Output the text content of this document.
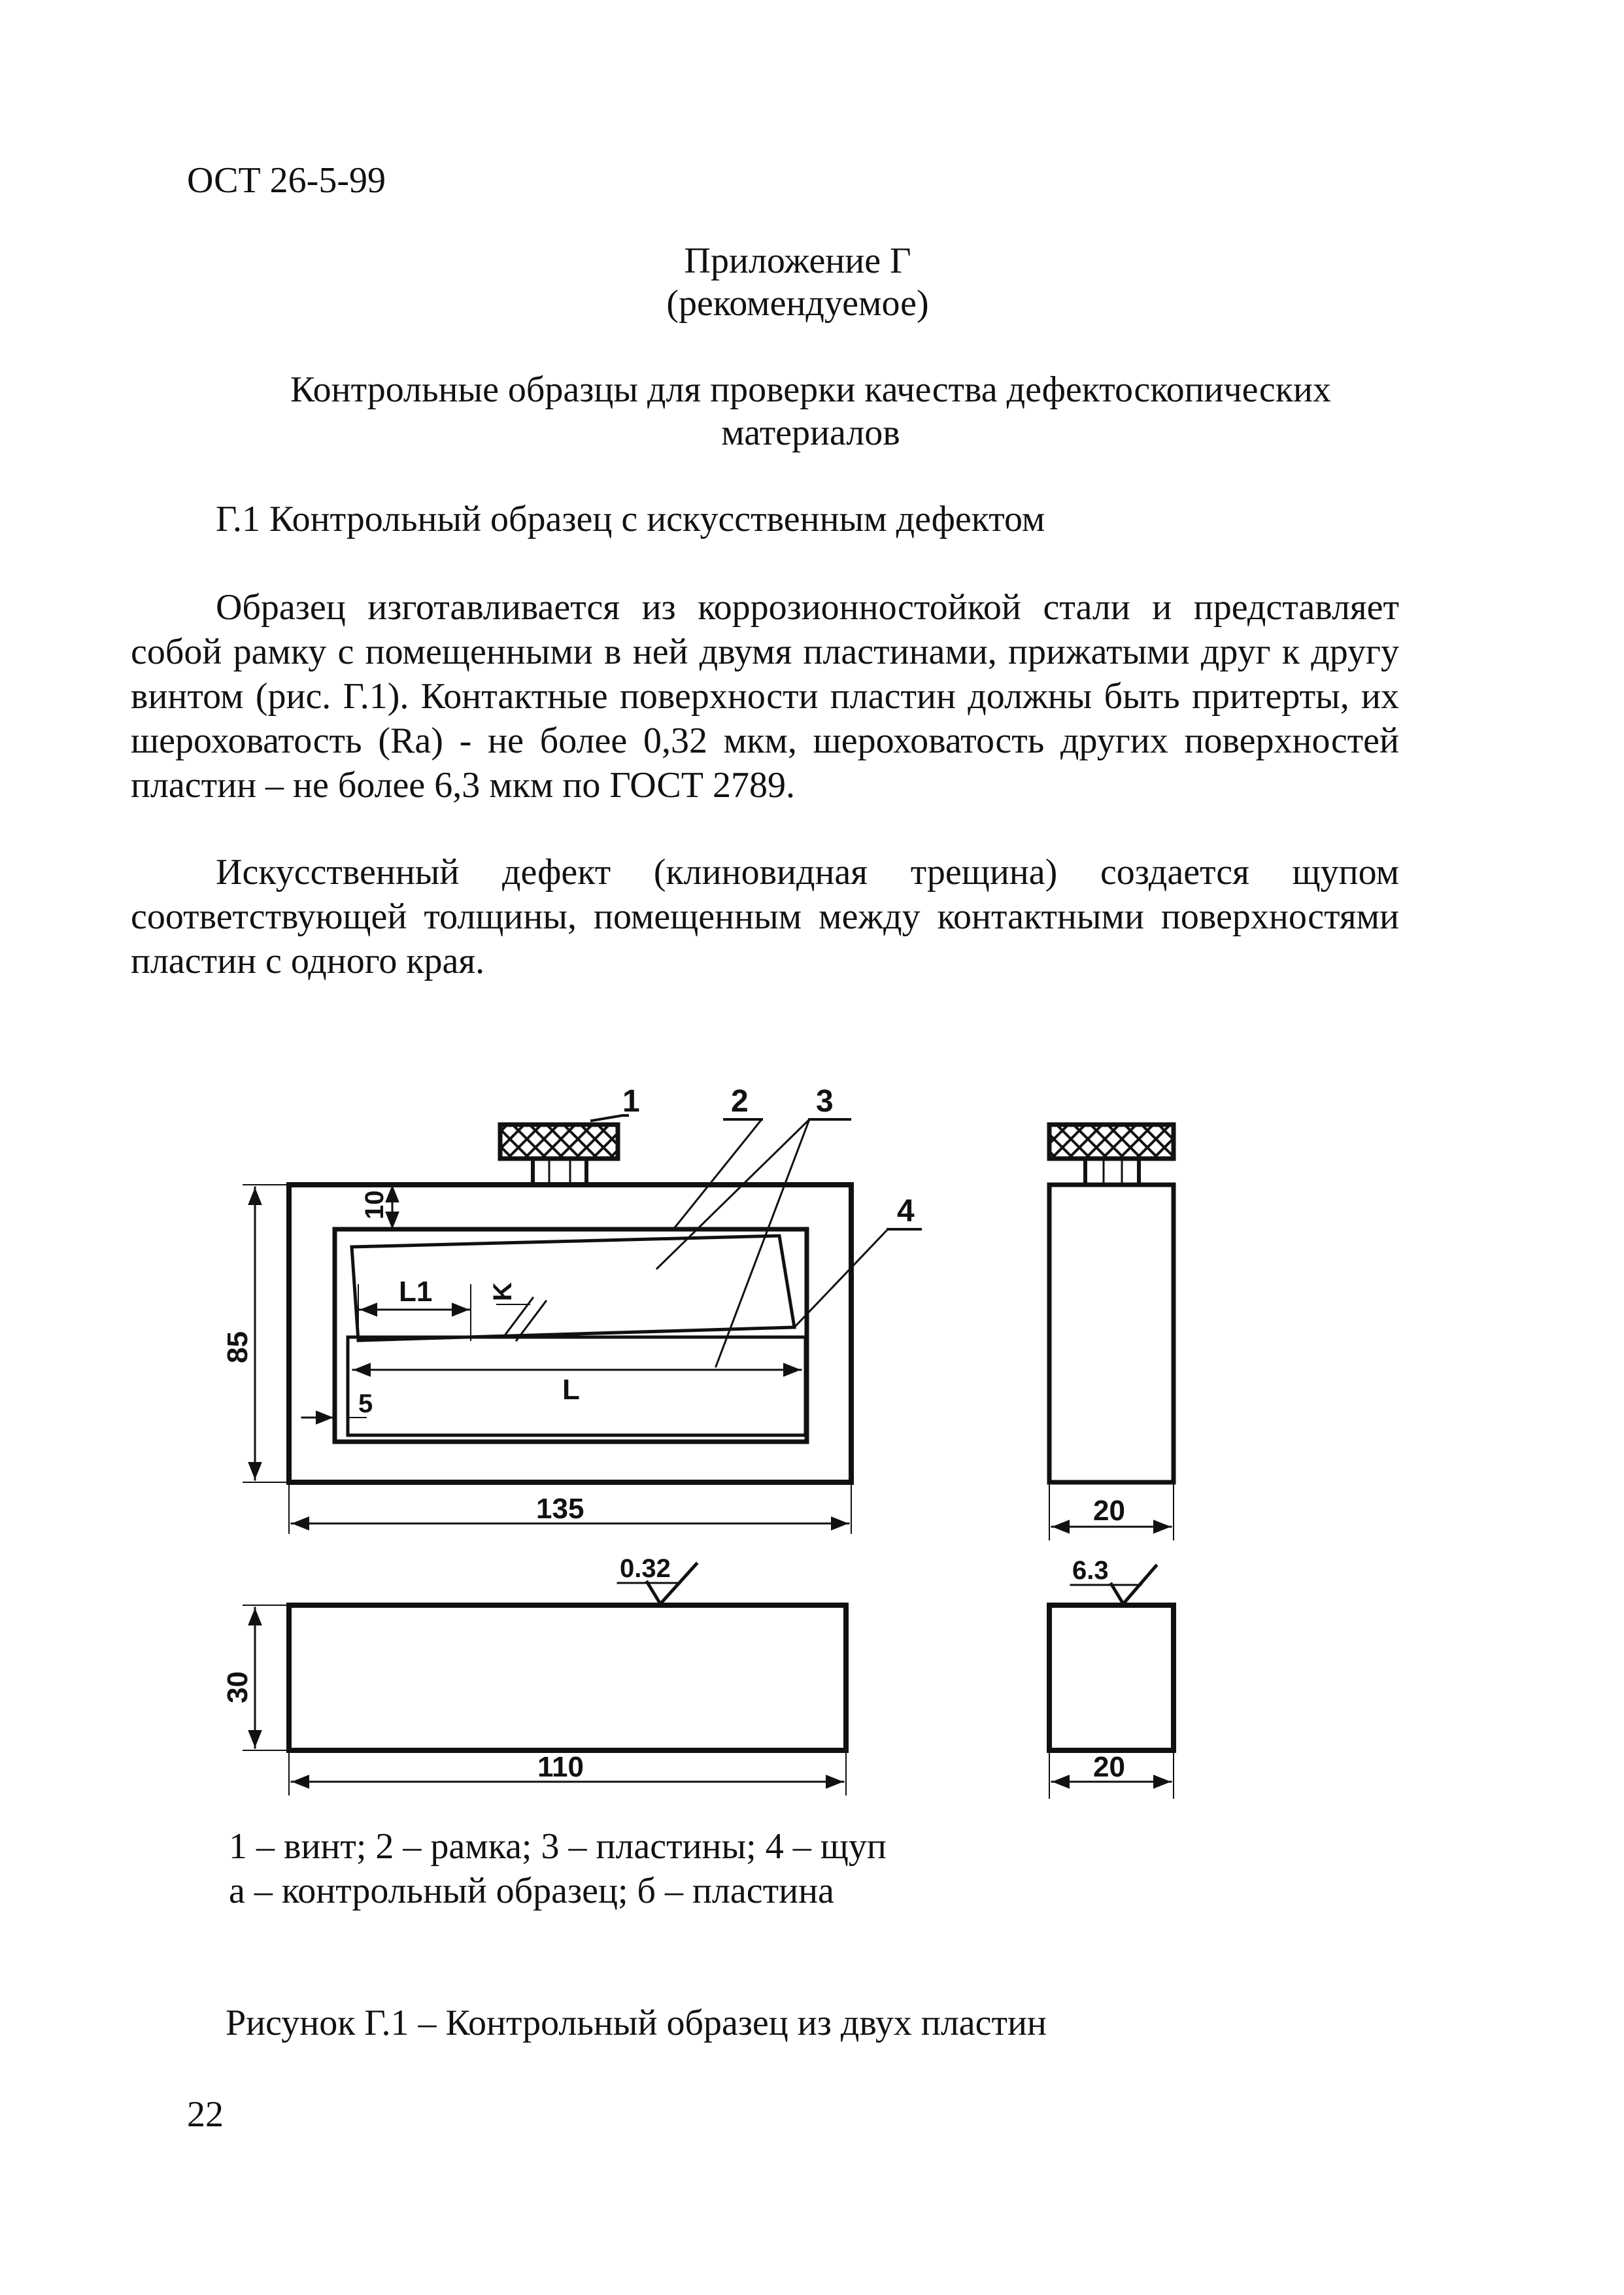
ОСТ 26-5-99
Приложение Г
(рекомендуемое)
Контрольные образцы для проверки качества дефектоскопических
материалов
Г.1 Контрольный образец с искусственным дефектом
Образец изготавливается из коррозионностойкой стали и представляет собой рамку с помещенными в ней двумя пластинами, прижатыми друг к другу винтом (рис. Г.1). Контактные поверхности пластин должны быть притерты, их шероховатость (Ra) - не более 0,32 мкм, шероховатость других поверхностей пластин – не более 6,3 мкм по ГОСТ 2789.
Искусственный дефект (клиновидная трещина) создается щупом соответствующей толщины, помещенным между контактными поверхностями пластин с одного края.
1	2 3
4
10
85
135
L1 K
L
5
20
30
110	20
0.32	6.3
1 – винт; 2 – рамка; 3 – пластины; 4 – щуп
а – контрольный образец; б – пластина
Рисунок Г.1 – Контрольный образец из двух пластин
22
